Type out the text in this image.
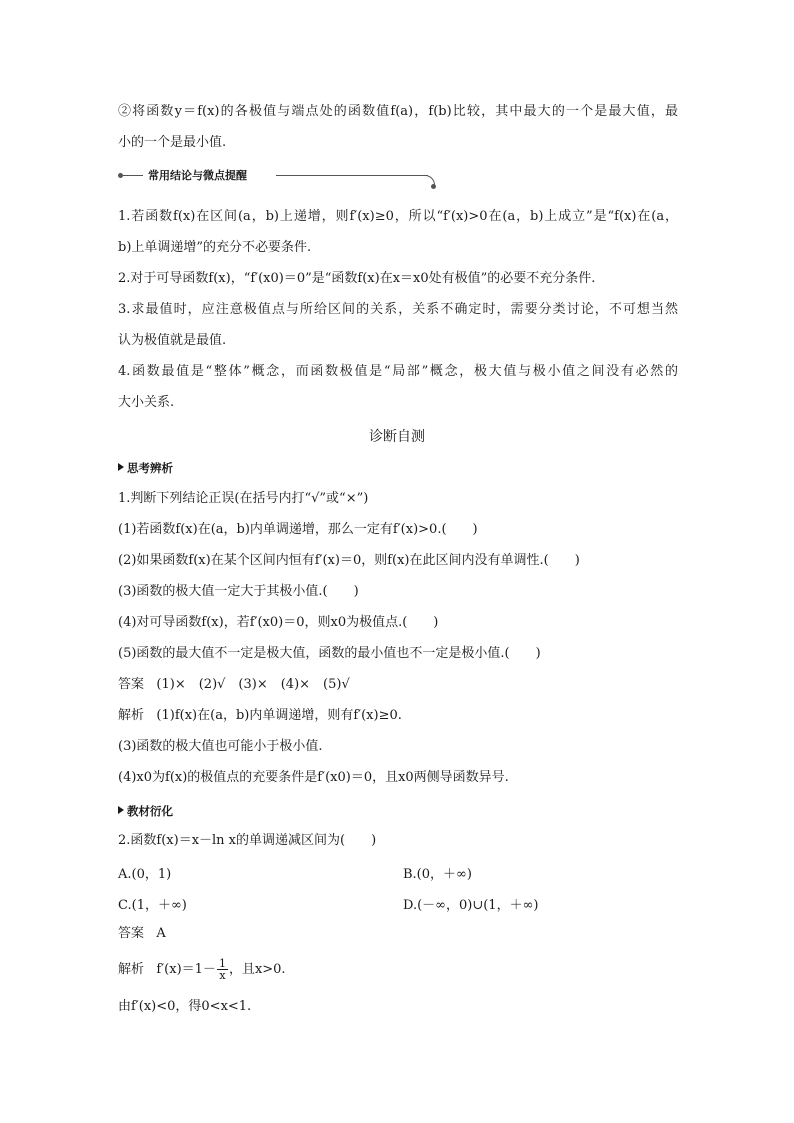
②将函数y＝f(x)的各极值与端点处的函数值f(a)，f(b)比较，其中最大的一个是最大值，最
小的一个是最小值.
常用结论与微点提醒
1.若函数f(x)在区间(a，b)上递增，则f′(x)≥0，所以“f′(x)>0在(a，b)上成立”是“f(x)在(a，
b)上单调递增”的充分不必要条件.
2.对于可导函数f(x)，“f′(x0)＝0”是“函数f(x)在x＝x0处有极值”的必要不充分条件.
3.求最值时，应注意极值点与所给区间的关系，关系不确定时，需要分类讨论，不可想当然
认为极值就是最值.
4.函数最值是“整体”概念，而函数极值是“局部”概念，极大值与极小值之间没有必然的
大小关系.
诊断自测
思考辨析
1.判断下列结论正误(在括号内打“√”或“×”)
(1)若函数f(x)在(a，b)内单调递增，那么一定有f′(x)>0.(　　)
(2)如果函数f(x)在某个区间内恒有f′(x)＝0，则f(x)在此区间内没有单调性.(　　)
(3)函数的极大值一定大于其极小值.(　　)
(4)对可导函数f(x)，若f′(x0)＝0，则x0为极值点.(　　)
(5)函数的最大值不一定是极大值，函数的最小值也不一定是极小值.(　　)
答案 (1)×　(2)√　(3)×　(4)×　(5)√
解析 (1)f(x)在(a，b)内单调递增，则有f′(x)≥0.
(3)函数的极大值也可能小于极小值.
(4)x0为f(x)的极值点的充要条件是f′(x0)＝0，且x0两侧导函数异号.
教材衍化
2.函数f(x)＝x－ln x的单调递减区间为(　　)
A.(0，1)	B.(0，＋∞)
C.(1，＋∞)	D.(－∞，0)∪(1，＋∞)
答案 A
解析 $f'(x)=1- \frac{1}{x}$ ，且x>0.
由f′(x)<0，得0<x<1.
